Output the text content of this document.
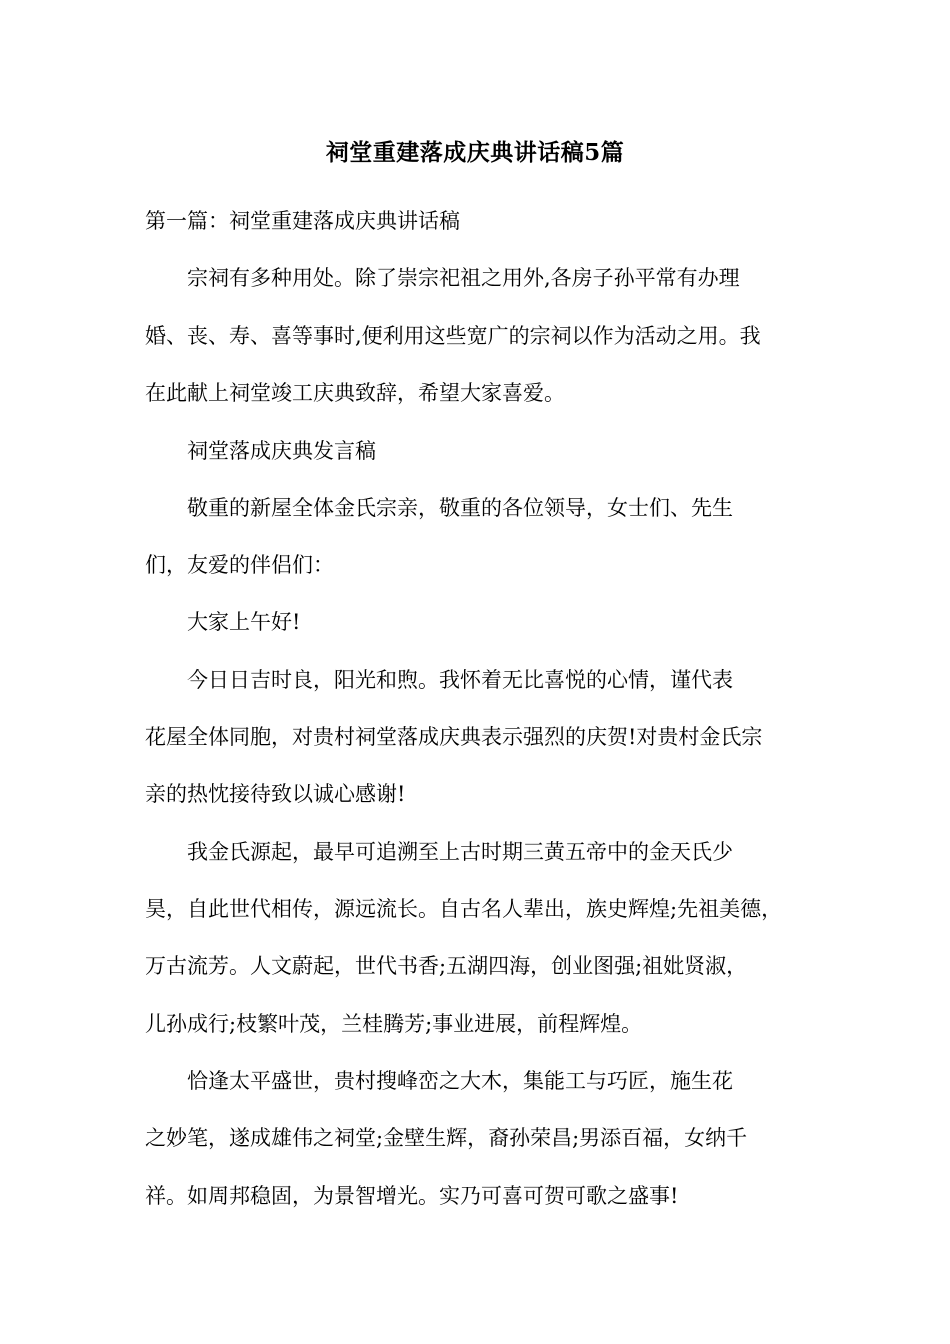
祠堂重建落成庆典讲话稿5篇

第一篇：祠堂重建落成庆典讲话稿

　　宗祠有多种用处。除了崇宗祀祖之用外,各房子孙平常有办理

婚、丧、寿、喜等事时,便利用这些宽广的宗祠以作为活动之用。我

在此献上祠堂竣工庆典致辞，希望大家喜爱。

　　祠堂落成庆典发言稿

　　敬重的新屋全体金氏宗亲，敬重的各位领导，女士们、先生

们，友爱的伴侣们：

　　大家上午好!

　　今日日吉时良，阳光和煦。我怀着无比喜悦的心情，谨代表

花屋全体同胞，对贵村祠堂落成庆典表示强烈的庆贺!对贵村金氏宗

亲的热忱接待致以诚心感谢!

　　我金氏源起，最早可追溯至上古时期三黄五帝中的金天氏少

昊，自此世代相传，源远流长。自古名人辈出，族史辉煌;先祖美德，

万古流芳。人文蔚起，世代书香;五湖四海，创业图强;祖妣贤淑，

儿孙成行;枝繁叶茂，兰桂腾芳;事业进展，前程辉煌。

　　恰逢太平盛世，贵村搜峰峦之大木，集能工与巧匠，施生花

之妙笔，遂成雄伟之祠堂;金壁生辉，裔孙荣昌;男添百福，女纳千

祥。如周邦稳固，为景智增光。实乃可喜可贺可歌之盛事!
